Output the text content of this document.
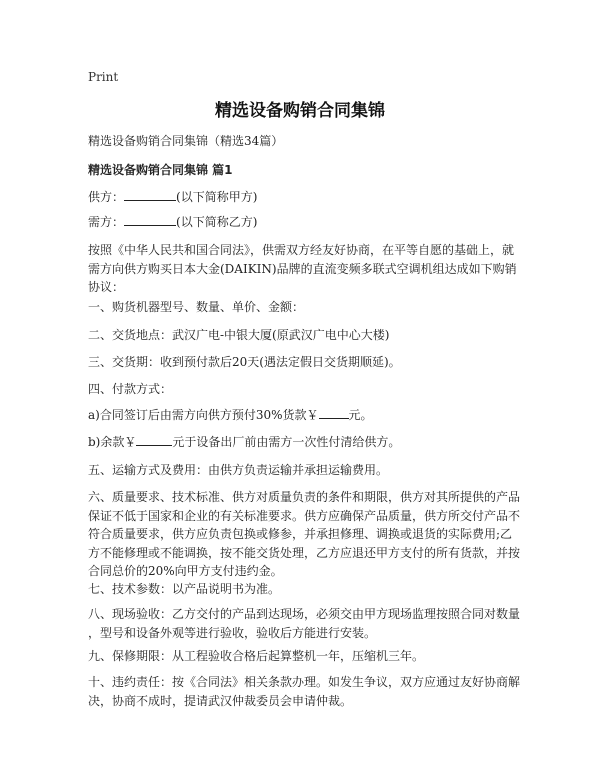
Print
精选设备购销合同集锦
精选设备购销合同集锦（精选34篇）
精选设备购销合同集锦 篇1
供方：	(以下简称甲方)
需方：	(以下简称乙方)
按照《中华人民共和国合同法》，供需双方经友好协商，在平等自愿的基础上，就
需方向供方购买日本大金(DAIKIN)品牌的直流变频多联式空调机组达成如下购销
协议：
一、购货机器型号、数量、单价、金额：
二、交货地点：武汉广电-中银大厦(原武汉广电中心大楼)
三、交货期：收到预付款后20天(遇法定假日交货期顺延)。
四、付款方式：
a)合同签订后由需方向供方预付30%货款￥	元。
b)余款￥	元于设备出厂前由需方一次性付清给供方。
五、运输方式及费用：由供方负责运输并承担运输费用。
六、质量要求、技术标准、供方对质量负责的条件和期限，供方对其所提供的产品
保证不低于国家和企业的有关标准要求。供方应确保产品质量，供方所交付产品不
符合质量要求，供方应负责包换或修参，并承担修理、调换或退货的实际费用;乙
方不能修理或不能调换，按不能交货处理，乙方应退还甲方支付的所有货款，并按
合同总价的20%向甲方支付违约金。
七、技术参数：以产品说明书为准。
八、现场验收：乙方交付的产品到达现场，必须交由甲方现场监理按照合同对数量
，型号和设备外观等进行验收，验收后方能进行安装。
九、保修期限：从工程验收合格后起算整机一年，压缩机三年。
十、违约责任：按《合同法》相关条款办理。如发生争议，双方应通过友好协商解
决，协商不成时，提请武汉仲裁委员会申请仲裁。
